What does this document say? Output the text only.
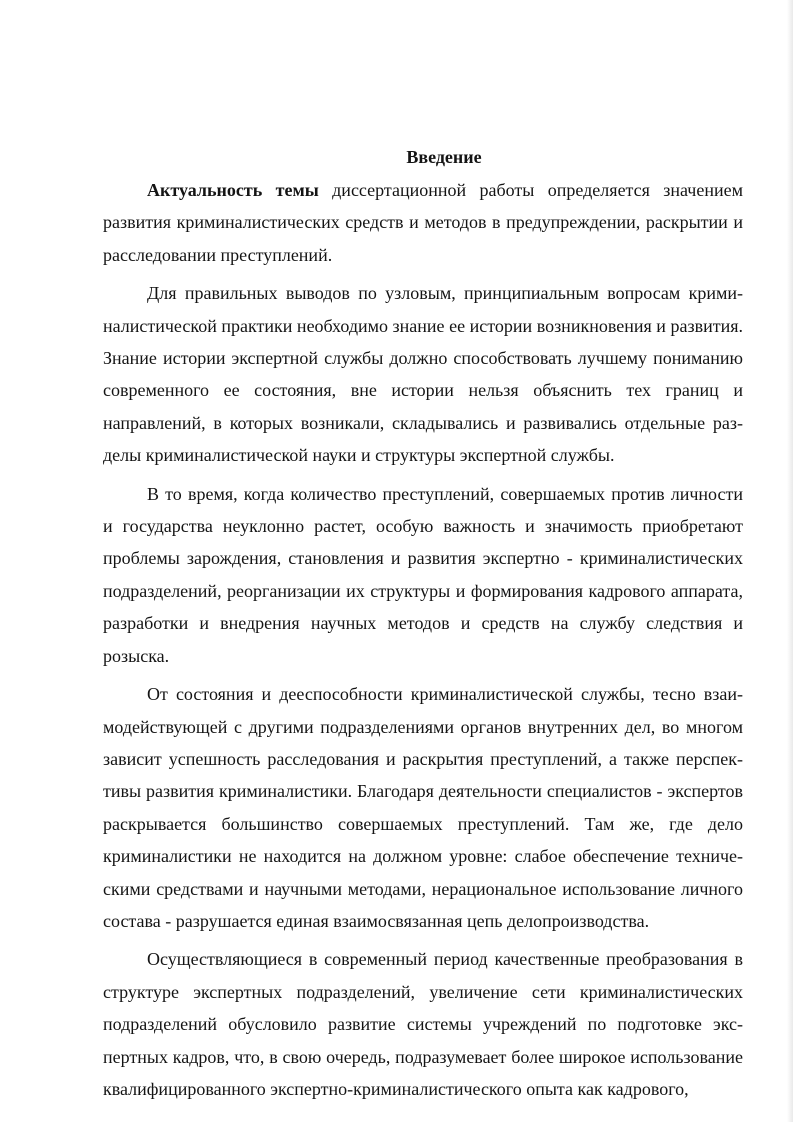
Введение

Актуальность темы диссертационной работы определяется значением развития криминалистических средств и методов в предупреждении, раскрытии и расследовании преступлений.

Для правильных выводов по узловым, принципиальным вопросам криминалистической практики необходимо знание ее истории возникновения и развития. Знание истории экспертной службы должно способствовать лучшему пониманию современного ее состояния, вне истории нельзя объяснить тех границ и направлений, в которых возникали, складывались и развивались отдельные разделы криминалистической науки и структуры экспертной службы.

В то время, когда количество преступлений, совершаемых против личности и государства неуклонно растет, особую важность и значимость приобретают проблемы зарождения, становления и развития экспертно - криминалистических подразделений, реорганизации их структуры и формирования кадрового аппарата, разработки и внедрения научных методов и средств на службу следствия и розыска.

От состояния и дееспособности криминалистической службы, тесно взаимодействующей с другими подразделениями органов внутренних дел, во многом зависит успешность расследования и раскрытия преступлений, а также перспективы развития криминалистики. Благодаря деятельности специалистов - экспертов раскрывается большинство совершаемых преступлений. Там же, где дело криминалистики не находится на должном уровне: слабое обеспечение техническими средствами и научными методами, нерациональное использование личного состава - разрушается единая взаимосвязанная цепь делопроизводства.

Осуществляющиеся в современный период качественные преобразования в структуре экспертных подразделений, увеличение сети криминалистических подразделений обусловило развитие системы учреждений по подготовке экспертных кадров, что, в свою очередь, подразумевает более широкое использование квалифицированного экспертно-криминалистического опыта как кадрового,
